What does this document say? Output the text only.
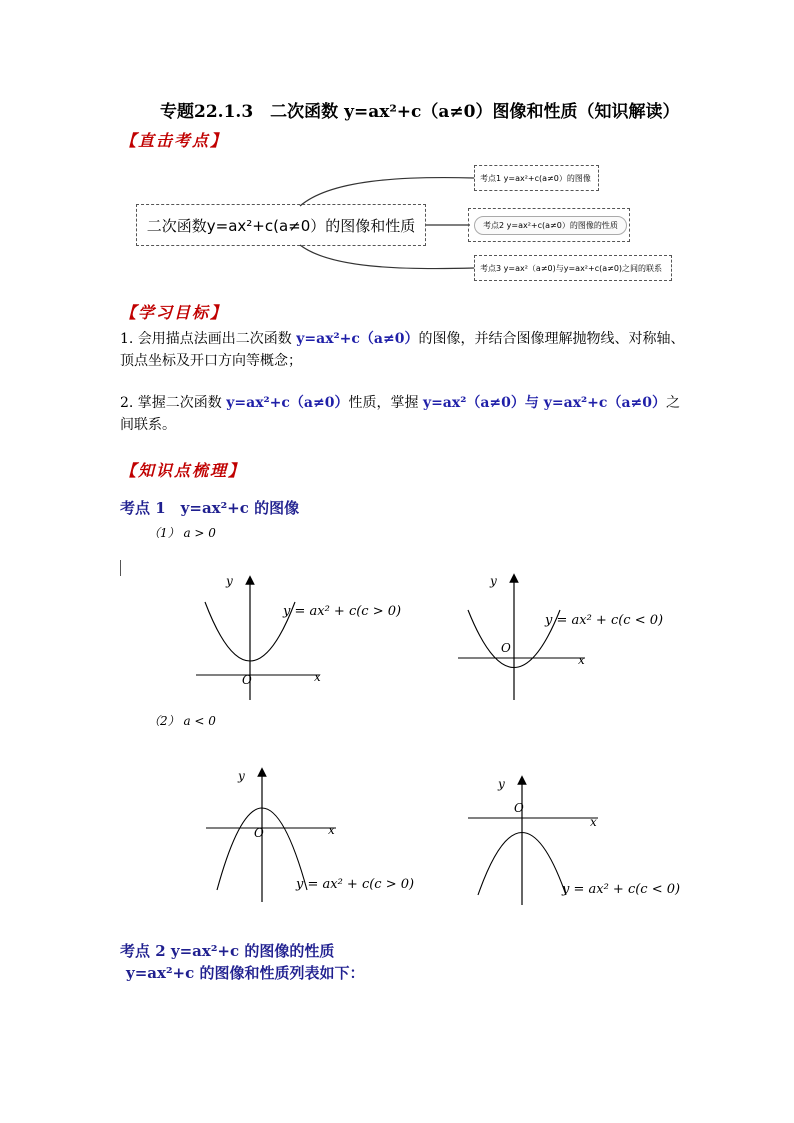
专题22.1.3　二次函数 y=ax²+c（a≠0）图像和性质（知识解读）
【直击考点】
二次函数y=ax²+c(a≠0）的图像和性质
考点1 y=ax²+c(a≠0）的图像
考点2 y=ax²+c(a≠0）的图像的性质
考点3 y=ax²（a≠0)与y=ax²+c(a≠0)之间的联系
【学习目标】
1. 会用描点法画出二次函数 y=ax²+c（a≠0）的图像，并结合图像理解抛物线、对称轴、顶点坐标及开口方向等概念；
2. 掌握二次函数 y=ax²+c（a≠0）性质，掌握 y=ax²（a≠0）与 y=ax²+c（a≠0）之间联系。
【知识点梳理】
考点 1　y=ax²+c 的图像
（1） a > 0
y
x
O
y = ax² + c(c > 0)
y
x
O
y = ax² + c(c < 0)
y
x
O
y = ax² + c(c > 0)
y
x
O
y = ax² + c(c < 0)
（2） a < 0
考点 2 y=ax²+c 的图像的性质
y=ax²+c 的图像和性质列表如下：
